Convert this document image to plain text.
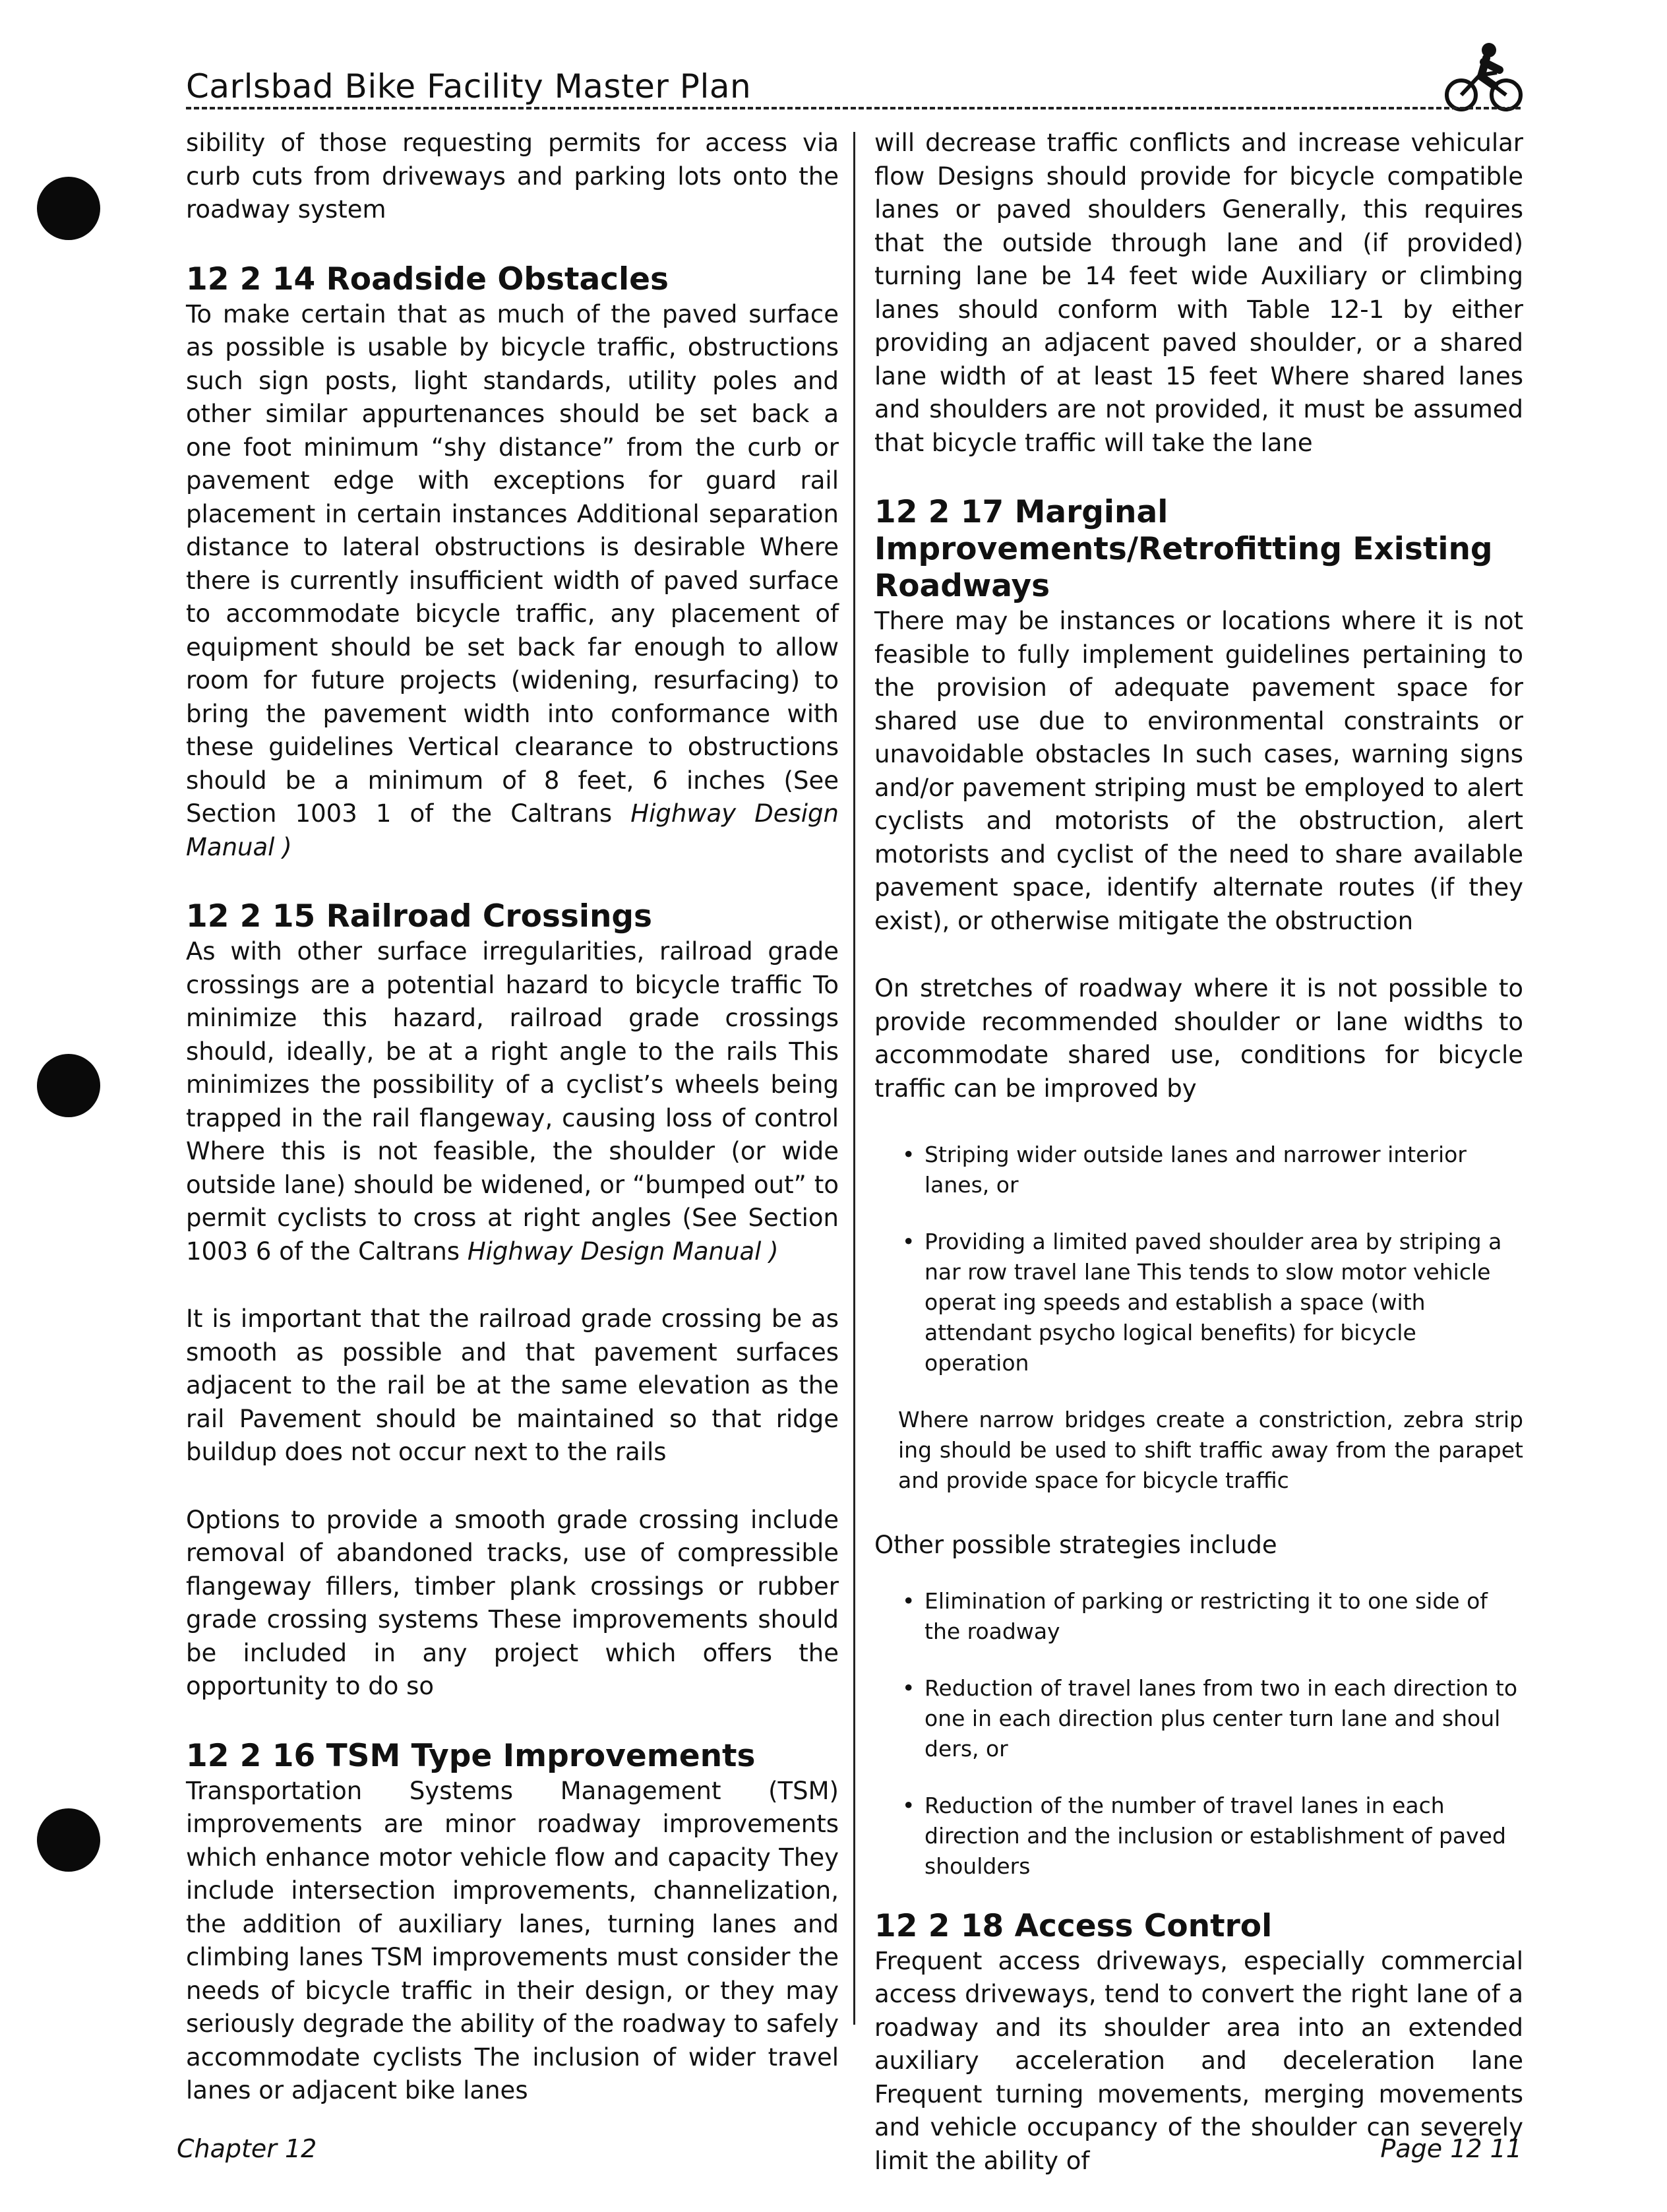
Carlsbad Bike Facility Master Plan

sibility of those requesting permits for access via curb cuts from driveways and parking lots onto the roadway system

12 2 14 Roadside Obstacles

To make certain that as much of the paved surface as possible is usable by bicycle traffic, obstructions such sign posts, light standards, utility poles and other similar appurtenances should be set back a one foot minimum “shy distance” from the curb or pavement edge with exceptions for guard rail placement in certain instances Additional separation distance to lateral obstructions is desirable Where there is currently insufficient width of paved surface to accommodate bicycle traffic, any placement of equipment should be set back far enough to allow room for future projects (widening, resurfacing) to bring the pavement width into conformance with these guidelines Vertical clearance to obstructions should be a minimum of 8 feet, 6 inches (See Section 1003 1 of the Caltrans Highway Design Manual )

12 2 15 Railroad Crossings

As with other surface irregularities, railroad grade crossings are a potential hazard to bicycle traffic To minimize this hazard, railroad grade crossings should, ideally, be at a right angle to the rails This minimizes the possibility of a cyclist’s wheels being trapped in the rail flangeway, causing loss of control Where this is not feasible, the shoulder (or wide outside lane) should be widened, or “bumped out” to permit cyclists to cross at right angles (See Section 1003 6 of the Caltrans Highway Design Manual )

It is important that the railroad grade crossing be as smooth as possible and that pavement surfaces adjacent to the rail be at the same elevation as the rail Pavement should be maintained so that ridge buildup does not occur next to the rails

Options to provide a smooth grade crossing include removal of abandoned tracks, use of compressible flangeway fillers, timber plank crossings or rubber grade crossing systems These improvements should be included in any project which offers the opportunity to do so

12 2 16 TSM Type Improvements

Transportation Systems Management (TSM) improvements are minor roadway improvements which enhance motor vehicle flow and capacity They include intersection improvements, channelization, the addition of auxiliary lanes, turning lanes and climbing lanes TSM improvements must consider the needs of bicycle traffic in their design, or they may seriously degrade the ability of the roadway to safely accommodate cyclists The inclusion of wider travel lanes or adjacent bike lanes

will decrease traffic conflicts and increase vehicular flow Designs should provide for bicycle compatible lanes or paved shoulders Generally, this requires that the outside through lane and (if provided) turning lane be 14 feet wide Auxiliary or climbing lanes should conform with Table 12-1 by either providing an adjacent paved shoulder, or a shared lane width of at least 15 feet Where shared lanes and shoulders are not provided, it must be assumed that bicycle traffic will take the lane

12 2 17 Marginal Improvements/Retrofitting Existing Roadways

There may be instances or locations where it is not feasible to fully implement guidelines pertaining to the provision of adequate pavement space for shared use due to environmental constraints or unavoidable obstacles In such cases, warning signs and/or pavement striping must be employed to alert cyclists and motorists of the obstruction, alert motorists and cyclist of the need to share available pavement space, identify alternate routes (if they exist), or otherwise mitigate the obstruction

On stretches of roadway where it is not possible to provide recommended shoulder or lane widths to accommodate shared use, conditions for bicycle traffic can be improved by

• Striping wider outside lanes and narrower interior lanes, or
• Providing a limited paved shoulder area by striping a nar row travel lane This tends to slow motor vehicle operat ing speeds and establish a space (with attendant psycho logical benefits) for bicycle operation

Where narrow bridges create a constriction, zebra strip ing should be used to shift traffic away from the parapet and provide space for bicycle traffic

Other possible strategies include

• Elimination of parking or restricting it to one side of the roadway
• Reduction of travel lanes from two in each direction to one in each direction plus center turn lane and shoul ders, or
• Reduction of the number of travel lanes in each direction and the inclusion or establishment of paved shoulders
12 2 18 Access Control

Frequent access driveways, especially commercial access driveways, tend to convert the right lane of a roadway and its shoulder area into an extended auxiliary acceleration and deceleration lane Frequent turning movements, merging movements and vehicle occupancy of the shoulder can severely limit the ability of

Chapter 12	Page 12 11
